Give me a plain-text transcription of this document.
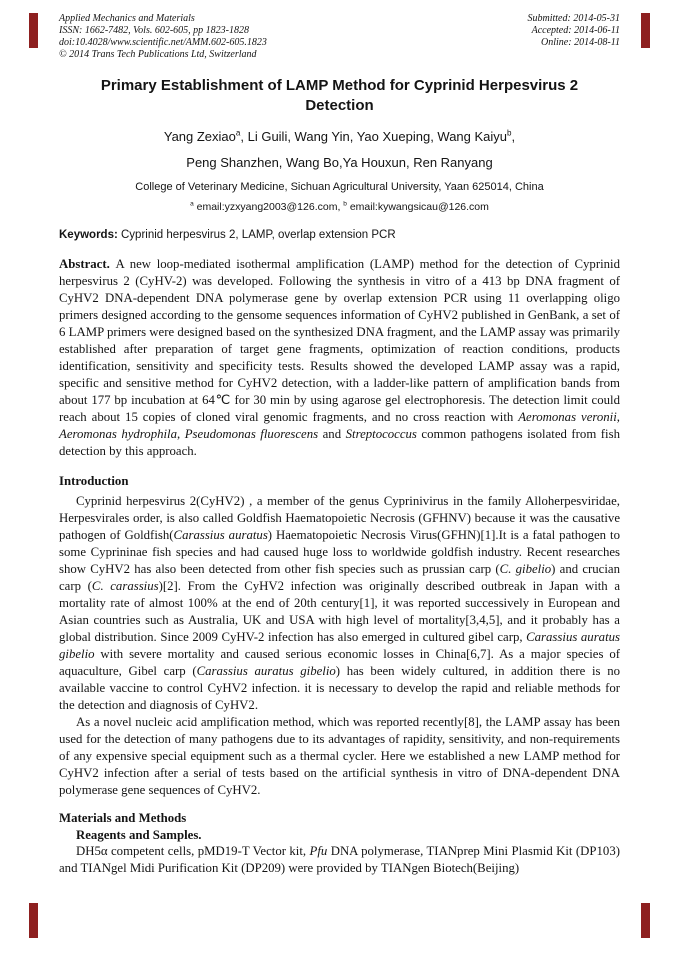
Applied Mechanics and Materials
ISSN: 1662-7482, Vols. 602-605, pp 1823-1828
doi:10.4028/www.scientific.net/AMM.602-605.1823
© 2014 Trans Tech Publications Ltd, Switzerland
Submitted: 2014-05-31
Accepted: 2014-06-11
Online: 2014-08-11
Primary Establishment of LAMP Method for Cyprinid Herpesvirus 2
Detection
Yang Zexiao$^a$, Li Guili, Wang Yin, Yao Xueping, Wang Kaiyu$^b$,
Peng Shanzhen, Wang Bo,Ya Houxun, Ren Ranyang
College of Veterinary Medicine, Sichuan Agricultural University, Yaan 625014, China
$^a$ email:yzxyang2003@126.com, $^b$ email:kywangsicau@126.com
Keywords: Cyprinid herpesvirus 2, LAMP, overlap extension PCR

Abstract. A new loop-mediated isothermal amplification (LAMP) method for the detection of Cyprinid herpesvirus 2 (CyHV-2) was developed. Following the synthesis in vitro of a 413 bp DNA fragment of CyHV2 DNA-dependent DNA polymerase gene by overlap extension PCR using 11 overlapping oligo primers designed according to the gensome sequences information of CyHV2 published in GenBank, a set of 6 LAMP primers were designed based on the synthesized DNA fragment, and the LAMP assay was primarily established after preparation of target gene fragments, optimization of reaction conditions, products identification, sensitivity and specificity tests. Results showed the developed LAMP assay was a rapid, specific and sensitive method for CyHV2 detection, with a ladder-like pattern of amplification bands from about 177 bp incubation at 64℃ for 30 min by using agarose gel electrophoresis. The detection limit could reach about 15 copies of cloned viral genomic fragments, and no cross reaction with Aeromonas veronii, Aeromonas hydrophila, Pseudomonas fluorescens and Streptococcus common pathogens isolated from fish detection by this approach.

Introduction

Cyprinid herpesvirus 2(CyHV2) , a member of the genus Cyprinivirus in the family Alloherpesviridae, Herpesvirales order, is also called Goldfish Haematopoietic Necrosis (GFHNV) because it was the causative pathogen of Goldfish(Carassius auratus) Haematopoietic Necrosis Virus(GFHN)[1].It is a fatal pathogen to some Cyprininae fish species and had caused huge loss to worldwide goldfish industry. Recent researches show CyHV2 has also been detected from other fish species such as prussian carp (C. gibelio) and crucian carp (C. carassius)[2]. From the CyHV2 infection was originally described outbreak in Japan with a mortality rate of almost 100% at the end of 20th century[1], it was reported successively in European and Asian countries such as Australia, UK and USA with high level of mortality[3,4,5], and it probably has a global distribution. Since 2009 CyHV-2 infection has also emerged in cultured gibel carp, Carassius auratus gibelio with severe mortality and caused serious economic losses in China[6,7]. As a major species of aquaculture, Gibel carp (Carassius auratus gibelio) has been widely cultured, in addition there is no available vaccine to control CyHV2 infection. it is necessary to develop the rapid and reliable methods for the detection and diagnosis of CyHV2.

As a novel nucleic acid amplification method, which was reported recently[8], the LAMP assay has been used for the detection of many pathogens due to its advantages of rapidity, sensitivity, and non-requirements of any expensive special equipment such as a thermal cycler. Here we established a new LAMP method for CyHV2 infection after a serial of tests based on the artificial synthesis in vitro of DNA-dependent DNA polymerase gene sequences of CyHV2.

Materials and Methods
Reagents and Samples.

DH5α competent cells, pMD19-T Vector kit, Pfu DNA polymerase, TIANprep Mini Plasmid Kit (DP103) and TIANgel Midi Purification Kit (DP209) were provided by TIANgen Biotech(Beijing)
